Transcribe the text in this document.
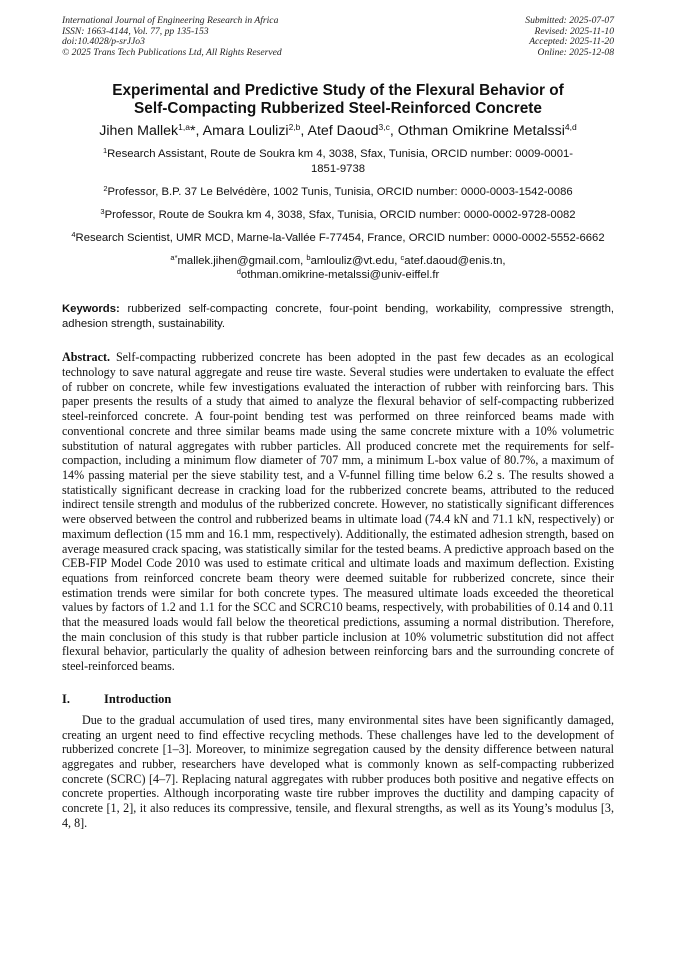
International Journal of Engineering Research in Africa
ISSN: 1663-4144, Vol. 77, pp 135-153
doi:10.4028/p-srJJo3
© 2025 Trans Tech Publications Ltd, All Rights Reserved
Submitted: 2025-07-07
Revised: 2025-11-10
Accepted: 2025-11-20
Online: 2025-12-08
Experimental and Predictive Study of the Flexural Behavior of
Self-Compacting Rubberized Steel-Reinforced Concrete
Jihen Mallek$^{1,a}$*, Amara Loulizi$^{2,b}$, Atef Daoud$^{3,c}$, Othman Omikrine Metalssi$^{4,d}$
$^1$Research Assistant, Route de Soukra km 4, 3038, Sfax, Tunisia, ORCID number: 0009-0001-1851-9738
$^2$Professor, B.P. 37 Le Belvédère, 1002 Tunis, Tunisia, ORCID number: 0000-0003-1542-0086
$^3$Professor, Route de Soukra km 4, 3038, Sfax, Tunisia, ORCID number: 0000-0002-9728-0082
$^4$Research Scientist, UMR MCD, Marne-la-Vallée F-77454, France, ORCID number: 0000-0002-5552-6662
$^{a*}$mallek.jihen@gmail.com, $^b$amlouliz@vt.edu, $^c$atef.daoud@enis.tn,
$^d$othman.omikrine-metalssi@univ-eiffel.fr
Keywords: rubberized self-compacting concrete, four-point bending, workability, compressive strength, adhesion strength, sustainability.
Abstract. Self-compacting rubberized concrete has been adopted in the past few decades as an ecological technology to save natural aggregate and reuse tire waste. Several studies were undertaken to evaluate the effect of rubber on concrete, while few investigations evaluated the interaction of rubber with reinforcing bars. This paper presents the results of a study that aimed to analyze the flexural behavior of self-compacting rubberized steel-reinforced concrete. A four-point bending test was performed on three reinforced beams made with conventional concrete and three similar beams made using the same concrete mixture with a 10% volumetric substitution of natural aggregates with rubber particles. All produced concrete met the requirements for self-compaction, including a minimum flow diameter of 707 mm, a minimum L-box value of 80.7%, a maximum of 14% passing material per the sieve stability test, and a V-funnel filling time below 6.2 s. The results showed a statistically significant decrease in cracking load for the rubberized concrete beams, attributed to the reduced indirect tensile strength and modulus of the rubberized concrete. However, no statistically significant differences were observed between the control and rubberized beams in ultimate load (74.4 kN and 71.1 kN, respectively) or maximum deflection (15 mm and 16.1 mm, respectively). Additionally, the estimated adhesion strength, based on average measured crack spacing, was statistically similar for the tested beams. A predictive approach based on the CEB-FIP Model Code 2010 was used to estimate critical and ultimate loads and maximum deflection. Existing equations from reinforced concrete beam theory were deemed suitable for rubberized concrete, since their estimation trends were similar for both concrete types. The measured ultimate loads exceeded the theoretical values by factors of 1.2 and 1.1 for the SCC and SCRC10 beams, respectively, with probabilities of 0.14 and 0.11 that the measured loads would fall below the theoretical predictions, assuming a normal distribution. Therefore, the main conclusion of this study is that rubber particle inclusion at 10% volumetric substitution did not affect flexural behavior, particularly the quality of adhesion between reinforcing bars and the surrounding concrete of steel-reinforced beams.
I.	Introduction
Due to the gradual accumulation of used tires, many environmental sites have been significantly damaged, creating an urgent need to find effective recycling methods. These challenges have led to the development of rubberized concrete [1–3]. Moreover, to minimize segregation caused by the density difference between natural aggregates and rubber, researchers have developed what is commonly known as self-compacting rubberized concrete (SCRC) [4–7]. Replacing natural aggregates with rubber produces both positive and negative effects on concrete properties. Although incorporating waste tire rubber improves the ductility and damping capacity of concrete [1, 2], it also reduces its compressive, tensile, and flexural strengths, as well as its Young’s modulus [3, 4, 8].
